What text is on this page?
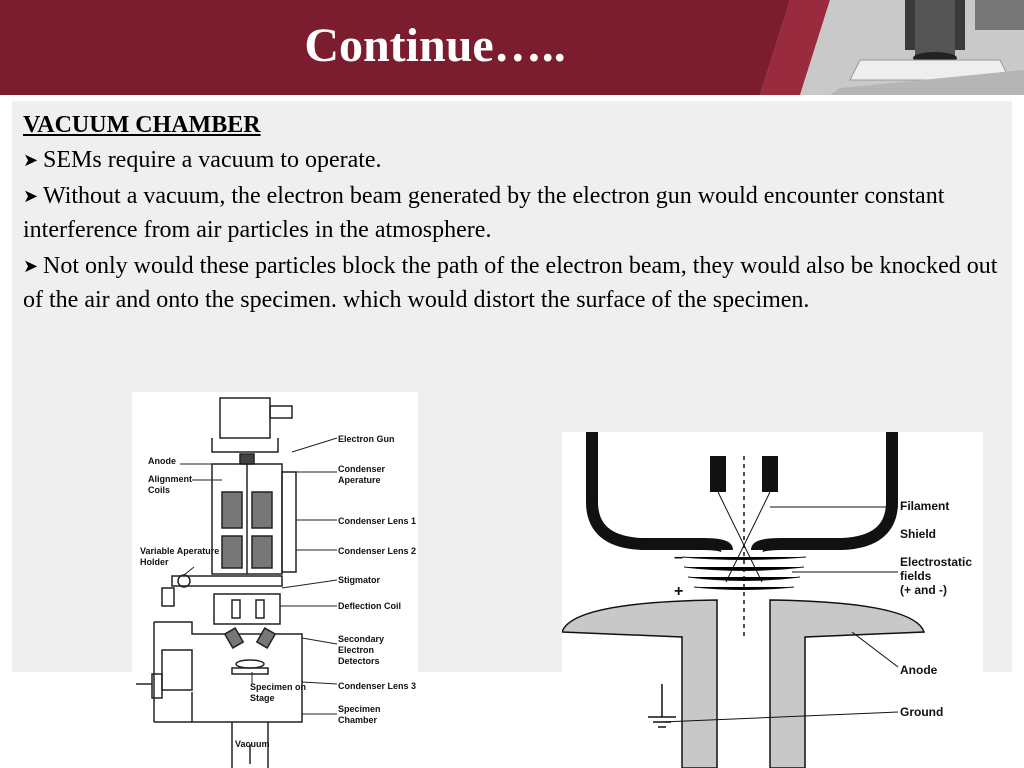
Continue…..

VACUUM CHAMBER

➤ SEMs require a vacuum to operate.

➤ Without a vacuum, the electron beam generated by the electron gun would encounter constant interference from air particles in the atmosphere.

➤ Not only would these particles block the path of the electron beam, they would also be knocked out of the air and onto the specimen. which would distort the surface of the specimen.

Electron Gun
Anode
Alignment
Coils
Condenser
Aperature
Condenser Lens 1
Condenser Lens 2
Variable Aperature
Holder
Stigmator
Deflection Coil
Secondary
Electron
Detectors
Specimen on
Stage
Condenser Lens 3
Specimen
Chamber
Vacuum
Filament
Shield
Electrostatic
fields
(+ and -)
Anode
Ground
–
+
